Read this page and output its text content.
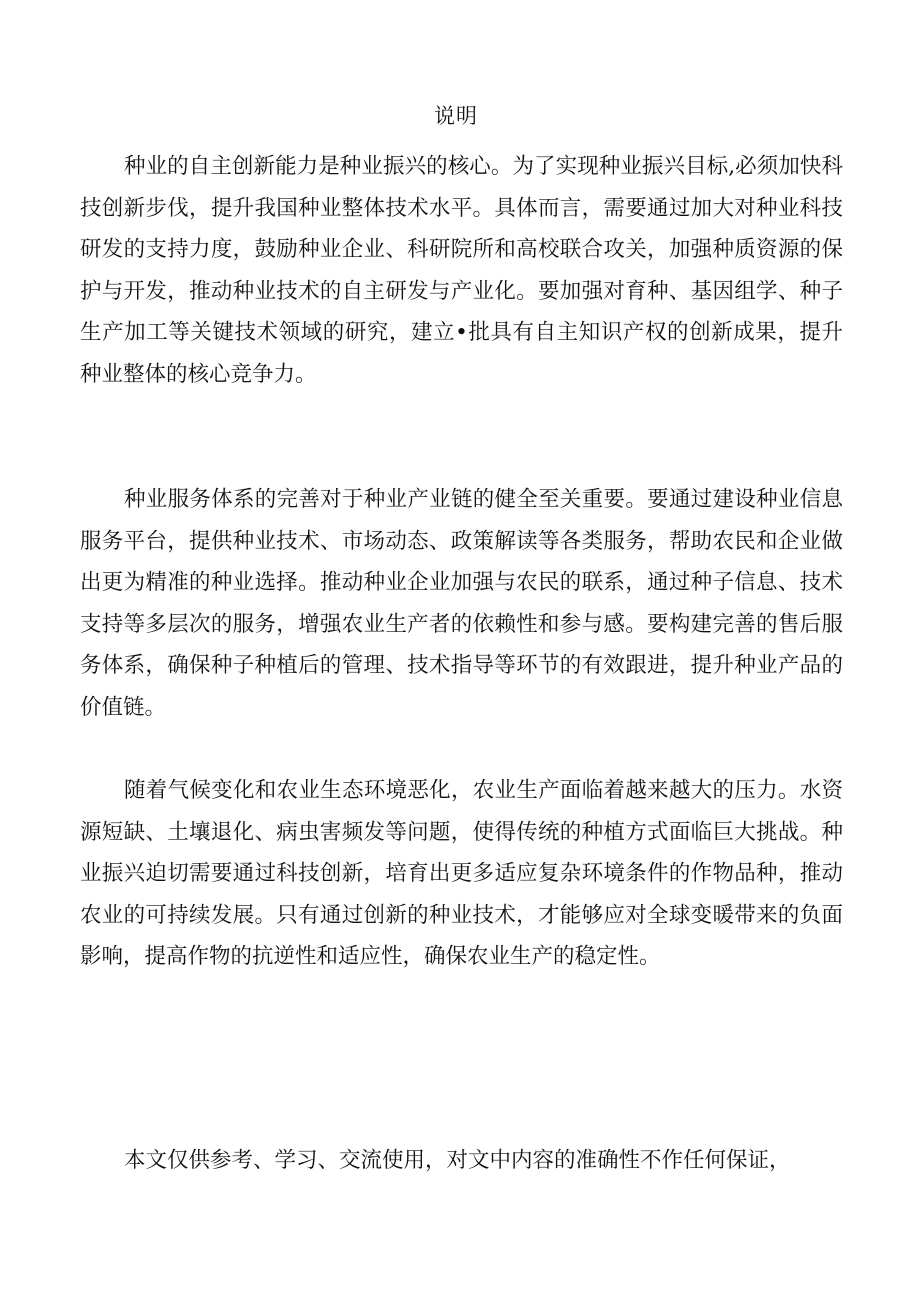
说明

种业的自主创新能力是种业振兴的核心。为了实现种业振兴目标,必须加快科技创新步伐，提升我国种业整体技术水平。具体而言，需要通过加大对种业科技研发的支持力度，鼓励种业企业、科研院所和高校联合攻关，加强种质资源的保护与开发，推动种业技术的自主研发与产业化。要加强对育种、基因组学、种子生产加工等关键技术领域的研究，建立•批具有自主知识产权的创新成果，提升种业整体的核心竞争力。

种业服务体系的完善对于种业产业链的健全至关重要。要通过建设种业信息服务平台，提供种业技术、市场动态、政策解读等各类服务，帮助农民和企业做出更为精准的种业选择。推动种业企业加强与农民的联系，通过种子信息、技术支持等多层次的服务，增强农业生产者的依赖性和参与感。要构建完善的售后服务体系，确保种子种植后的管理、技术指导等环节的有效跟进，提升种业产品的价值链。

随着气候变化和农业生态环境恶化，农业生产面临着越来越大的压力。水资源短缺、土壤退化、病虫害频发等问题，使得传统的种植方式面临巨大挑战。种业振兴迫切需要通过科技创新，培育出更多适应复杂环境条件的作物品种，推动农业的可持续发展。只有通过创新的种业技术，才能够应对全球变暖带来的负面影响，提高作物的抗逆性和适应性，确保农业生产的稳定性。

本文仅供参考、学习、交流使用，对文中内容的准确性不作任何保证，
